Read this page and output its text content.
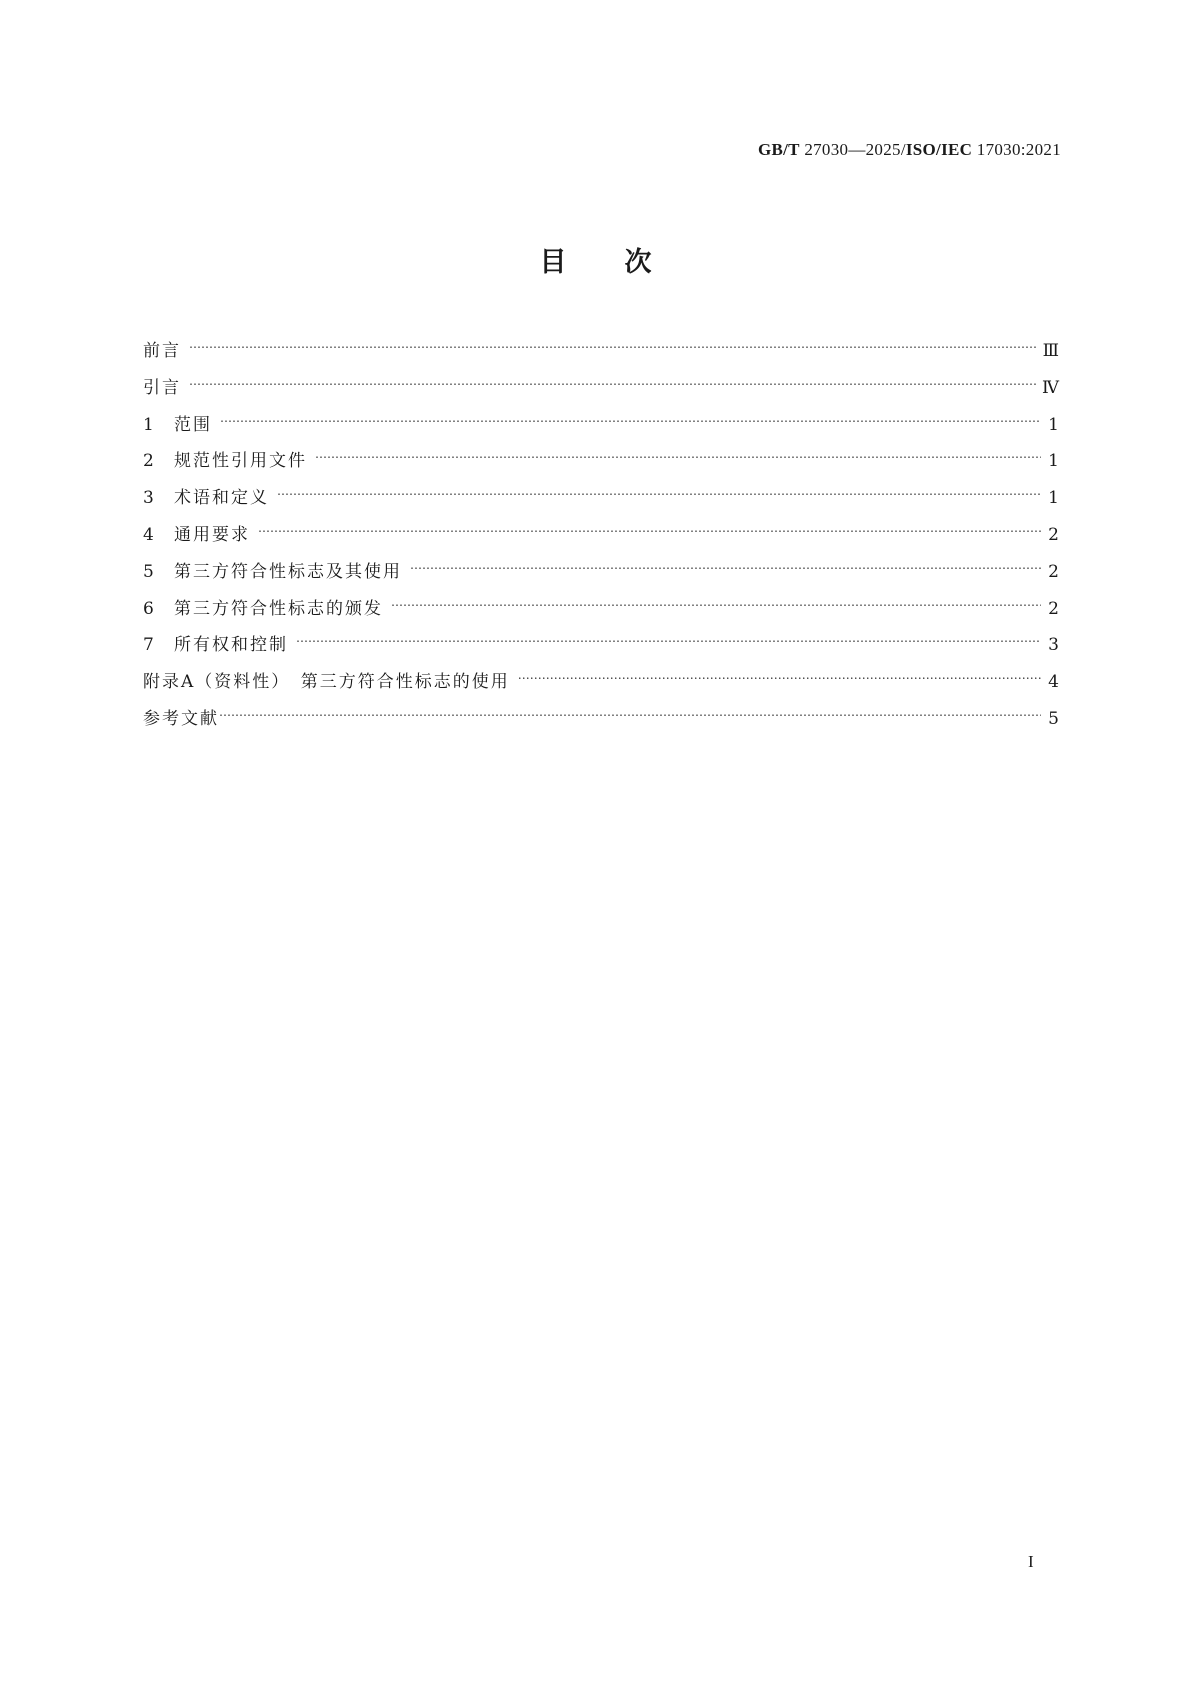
GB/T 27030—2025/ISO/IEC 17030:2021
目次
前言 ……………………………………………………………………………………………………………………………………………………………………………………………………	Ⅲ
引言 ……………………………………………………………………………………………………………………………………………………………………………………………………	Ⅳ
1	范围 ……………………………………………………………………………………………………………………………………………………………………………………………………	1
2	规范性引用文件 ……………………………………………………………………………………………………………………………………………………………………………………………………	1
3	术语和定义 ……………………………………………………………………………………………………………………………………………………………………………………………………	1
4	通用要求 ……………………………………………………………………………………………………………………………………………………………………………………………………	2
5	第三方符合性标志及其使用 ……………………………………………………………………………………………………………………………………………………………………………………………………	2
6	第三方符合性标志的颁发 ……………………………………………………………………………………………………………………………………………………………………………………………………	2
7	所有权和控制 ……………………………………………………………………………………………………………………………………………………………………………………………………	3
附录A（资料性）　第三方符合性标志的使用 ……………………………………………………………………………………………………………………………………………………………………………………………………	4
参考文献 ……………………………………………………………………………………………………………………………………………………………………………………………………	5
I
